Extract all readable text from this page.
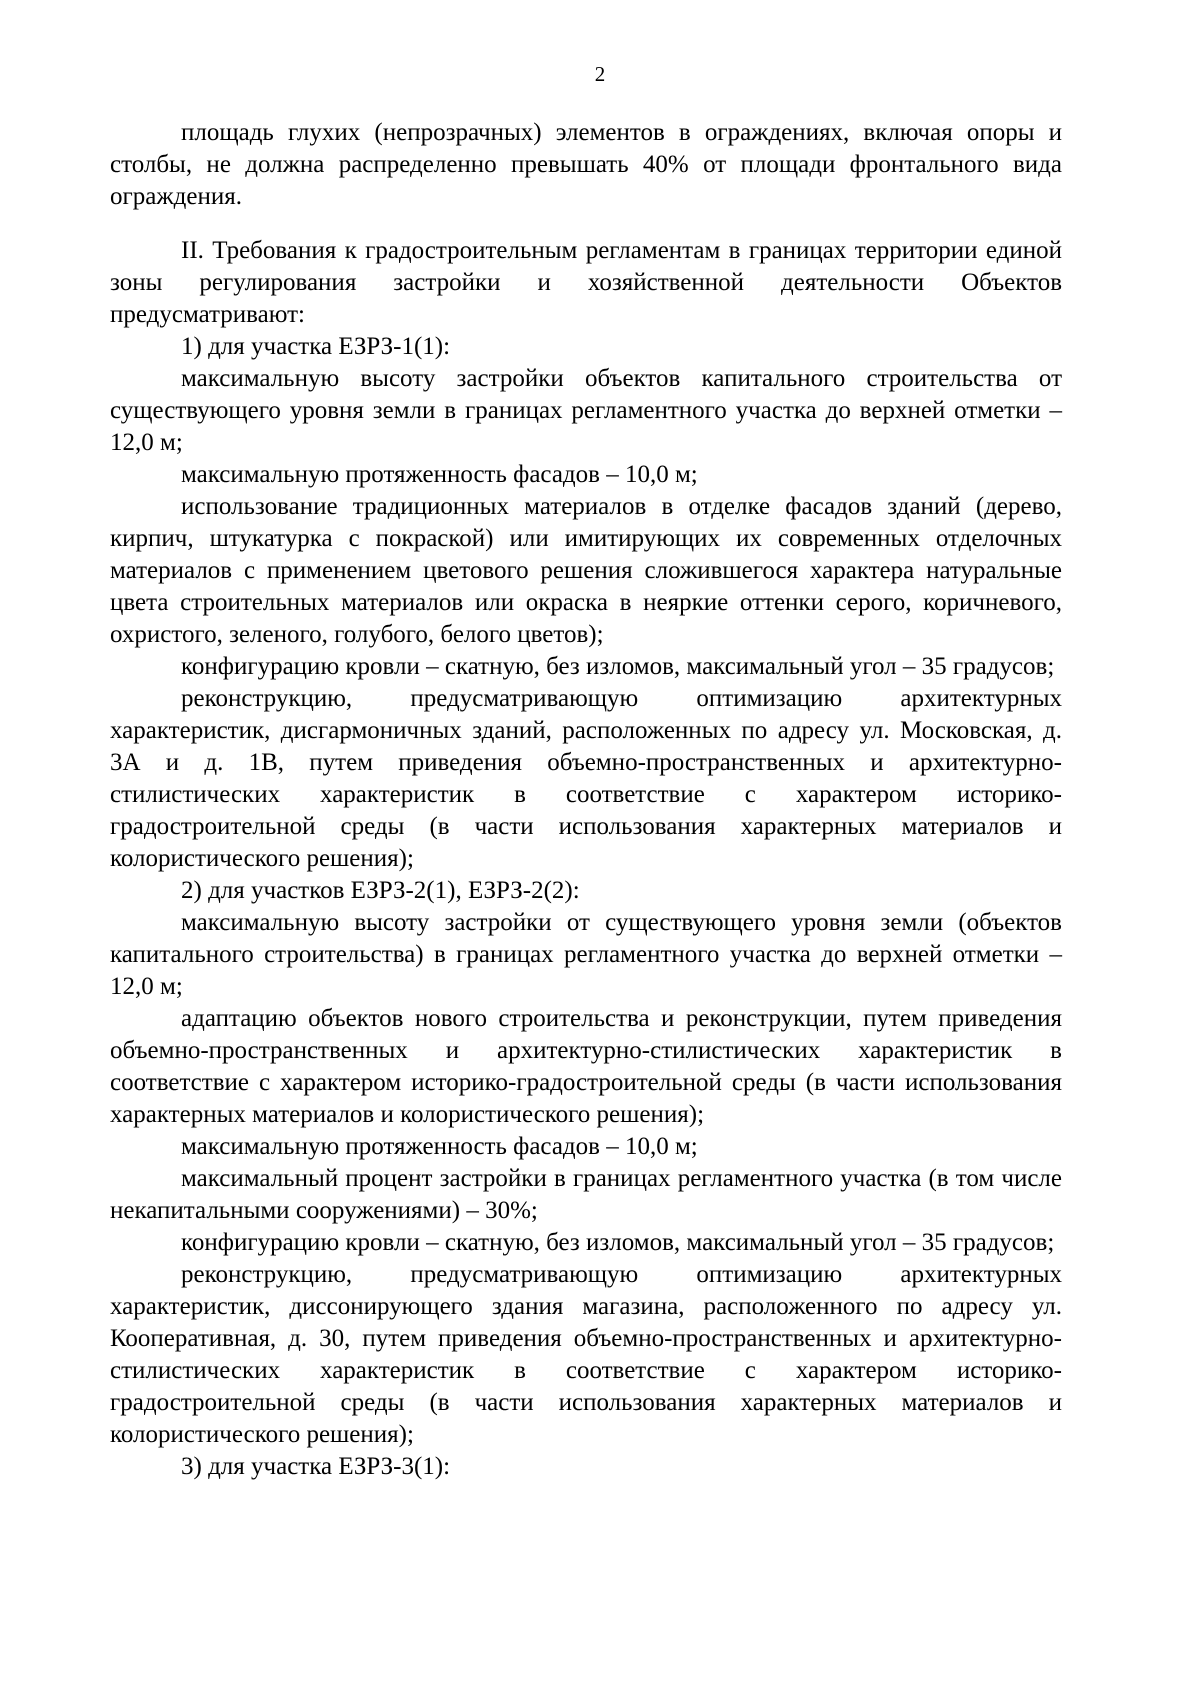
2

площадь глухих (непрозрачных) элементов в ограждениях, включая опоры и столбы, не должна распределенно превышать 40% от площади фронтального вида ограждения.

II. Требования к градостроительным регламентам в границах территории единой зоны регулирования застройки и хозяйственной деятельности Объектов предусматривают:

1) для участка ЕЗРЗ-1(1):

максимальную высоту застройки объектов капитального строительства от существующего уровня земли в границах регламентного участка до верхней отметки – 12,0 м;

максимальную протяженность фасадов – 10,0 м;

использование традиционных материалов в отделке фасадов зданий (дерево, кирпич, штукатурка с покраской) или имитирующих их современных отделочных материалов с применением цветового решения сложившегося характера натуральные цвета строительных материалов или окраска в неяркие оттенки серого, коричневого, охристого, зеленого, голубого, белого цветов);

конфигурацию кровли – скатную, без изломов, максимальный угол – 35 градусов;

реконструкцию, предусматривающую оптимизацию архитектурных характеристик, дисгармоничных зданий, расположенных по адресу ул. Московская, д. 3А и д. 1В, путем приведения объемно-пространственных и архитектурно-стилистических характеристик в соответствие с характером историко-градостроительной среды (в части использования характерных материалов и колористического решения);

2) для участков ЕЗРЗ-2(1), ЕЗРЗ-2(2):

максимальную высоту застройки от существующего уровня земли (объектов капитального строительства) в границах регламентного участка до верхней отметки – 12,0 м;

адаптацию объектов нового строительства и реконструкции, путем приведения объемно-пространственных и архитектурно-стилистических характеристик в соответствие с характером историко-градостроительной среды (в части использования характерных материалов и колористического решения);

максимальную протяженность фасадов – 10,0 м;

максимальный процент застройки в границах регламентного участка (в том числе некапитальными сооружениями) – 30%;

конфигурацию кровли – скатную, без изломов, максимальный угол – 35 градусов;

реконструкцию, предусматривающую оптимизацию архитектурных характеристик, диссонирующего здания магазина, расположенного по адресу ул. Кооперативная, д. 30, путем приведения объемно-пространственных и архитектурно-стилистических характеристик в соответствие с характером историко-градостроительной среды (в части использования характерных материалов и колористического решения);

3) для участка ЕЗРЗ-3(1):
